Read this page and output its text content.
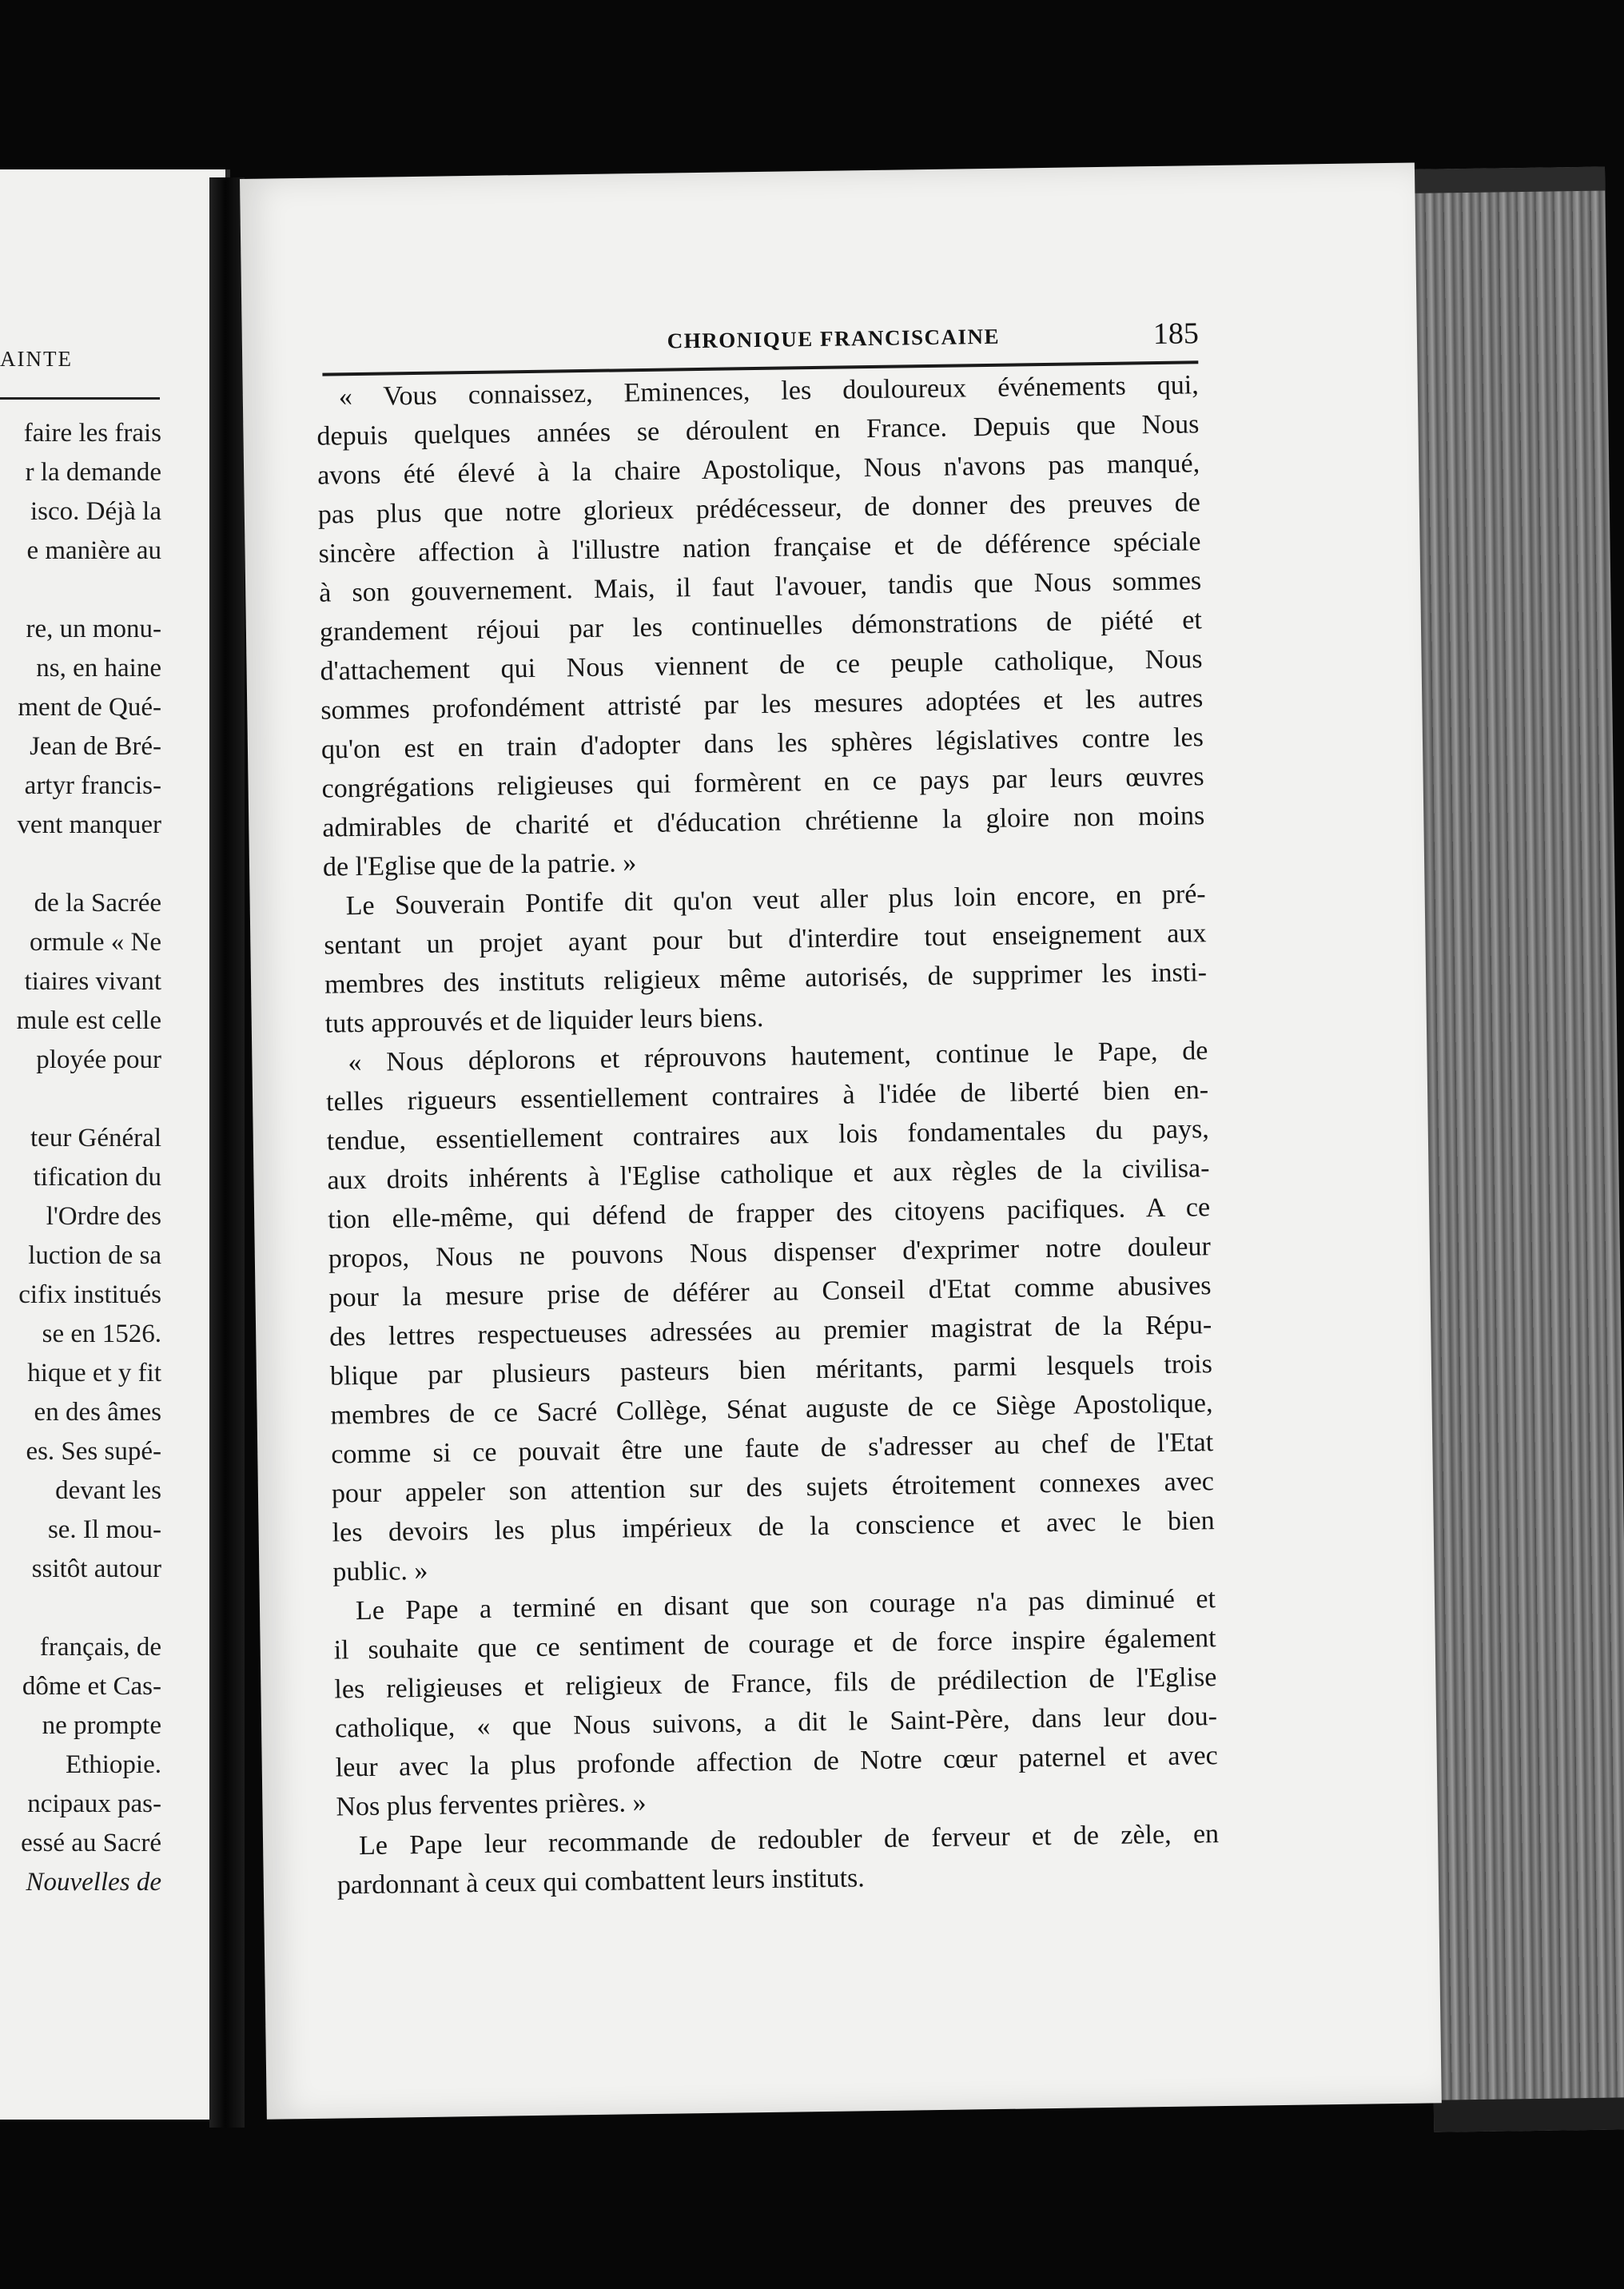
AINTE
faire les frais
r la demande
isco. Déjà la
e manière au
re, un monu-
ns, en haine
ment de Qué-
Jean de Bré-
artyr francis-
vent manquer
de la Sacrée
ormule « Ne
tiaires vivant
mule est celle
ployée pour
teur Général
tification du
l'Ordre des
luction de sa
cifix institués
se en 1526.
hique et y fit
en des âmes
es. Ses supé-
devant les
se. Il mou-
ssitôt autour
français, de
dôme et Cas-
ne prompte
Ethiopie.
ncipaux pas-
essé au Sacré
Nouvelles de
CHRONIQUE FRANCISCAINE	185
« Vous connaissez, Eminences, les douloureux événements qui,
depuis quelques années se déroulent en France. Depuis que Nous
avons été élevé à la chaire Apostolique, Nous n'avons pas manqué,
pas plus que notre glorieux prédécesseur, de donner des preuves de
sincère affection à l'illustre nation française et de déférence spéciale
à son gouvernement. Mais, il faut l'avouer, tandis que Nous sommes
grandement réjoui par les continuelles démonstrations de piété et
d'attachement qui Nous viennent de ce peuple catholique, Nous
sommes profondément attristé par les mesures adoptées et les autres
qu'on est en train d'adopter dans les sphères législatives contre les
congrégations religieuses qui formèrent en ce pays par leurs œuvres
admirables de charité et d'éducation chrétienne la gloire non moins
de l'Eglise que de la patrie. »
Le Souverain Pontife dit qu'on veut aller plus loin encore, en pré-
sentant un projet ayant pour but d'interdire tout enseignement aux
membres des instituts religieux même autorisés, de supprimer les insti-
tuts approuvés et de liquider leurs biens.
« Nous déplorons et réprouvons hautement, continue le Pape, de
telles rigueurs essentiellement contraires à l'idée de liberté bien en-
tendue, essentiellement contraires aux lois fondamentales du pays,
aux droits inhérents à l'Eglise catholique et aux règles de la civilisa-
tion elle-même, qui défend de frapper des citoyens pacifiques. A ce
propos, Nous ne pouvons Nous dispenser d'exprimer notre douleur
pour la mesure prise de déférer au Conseil d'Etat comme abusives
des lettres respectueuses adressées au premier magistrat de la Répu-
blique par plusieurs pasteurs bien méritants, parmi lesquels trois
membres de ce Sacré Collège, Sénat auguste de ce Siège Apostolique,
comme si ce pouvait être une faute de s'adresser au chef de l'Etat
pour appeler son attention sur des sujets étroitement connexes avec
les devoirs les plus impérieux de la conscience et avec le bien
public. »
Le Pape a terminé en disant que son courage n'a pas diminué et
il souhaite que ce sentiment de courage et de force inspire également
les religieuses et religieux de France, fils de prédilection de l'Eglise
catholique, « que Nous suivons, a dit le Saint-Père, dans leur dou-
leur avec la plus profonde affection de Notre cœur paternel et avec
Nos plus ferventes prières. »
Le Pape leur recommande de redoubler de ferveur et de zèle, en
pardonnant à ceux qui combattent leurs instituts.
